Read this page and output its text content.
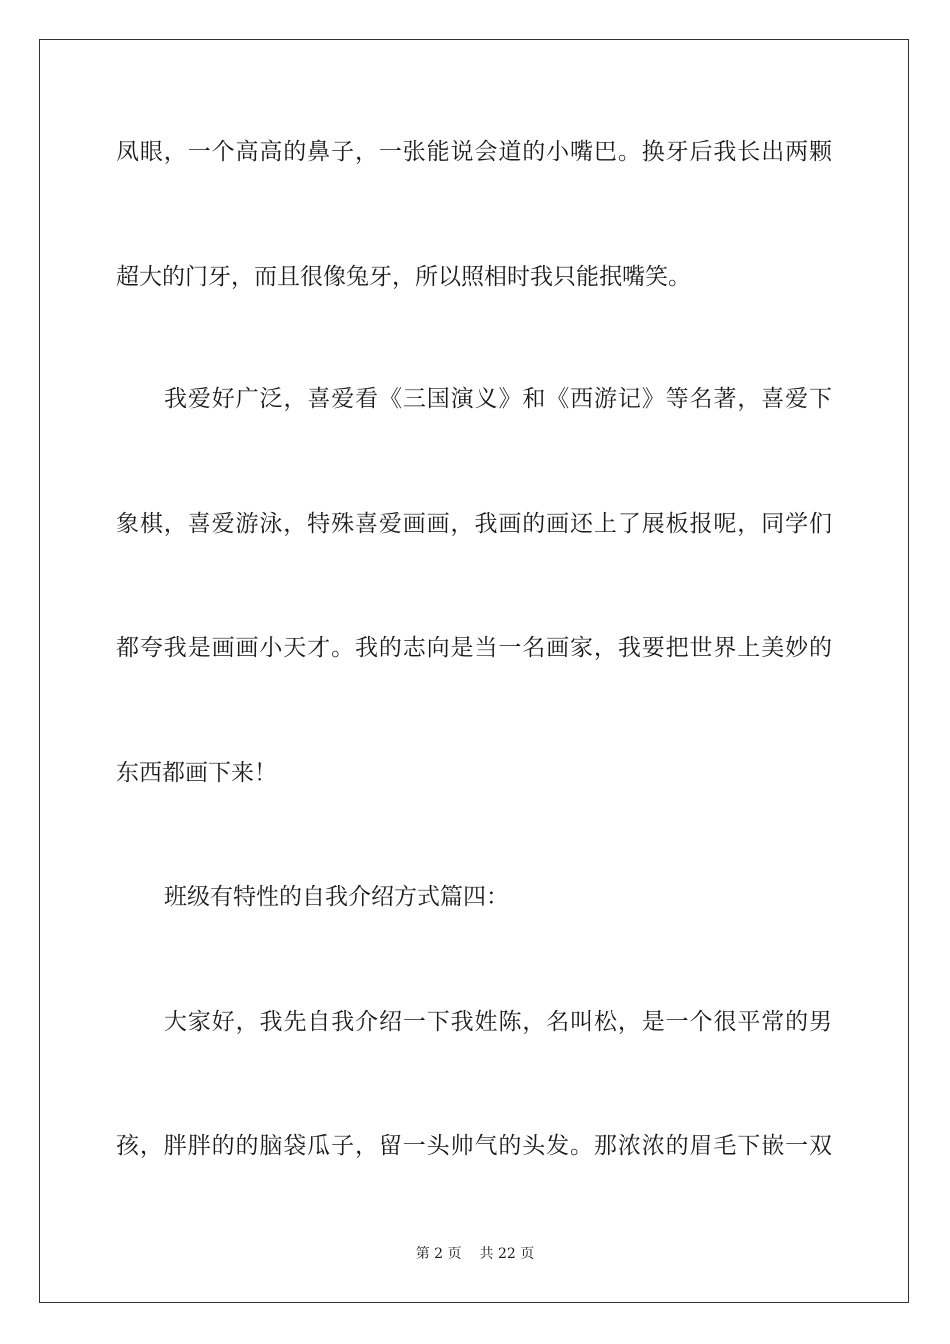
凤眼，一个高高的鼻子，一张能说会道的小嘴巴。换牙后我长出两颗
超大的门牙，而且很像兔牙，所以照相时我只能抿嘴笑。
我爱好广泛，喜爱看《三国演义》和《西游记》等名著，喜爱下
象棋，喜爱游泳，特殊喜爱画画，我画的画还上了展板报呢，同学们
都夸我是画画小天才。我的志向是当一名画家，我要把世界上美妙的
东西都画下来！
班级有特性的自我介绍方式篇四：
大家好，我先自我介绍一下我姓陈，名叫松，是一个很平常的男
孩，胖胖的的脑袋瓜子，留一头帅气的头发。那浓浓的眉毛下嵌一双
第 2 页 共 22 页
